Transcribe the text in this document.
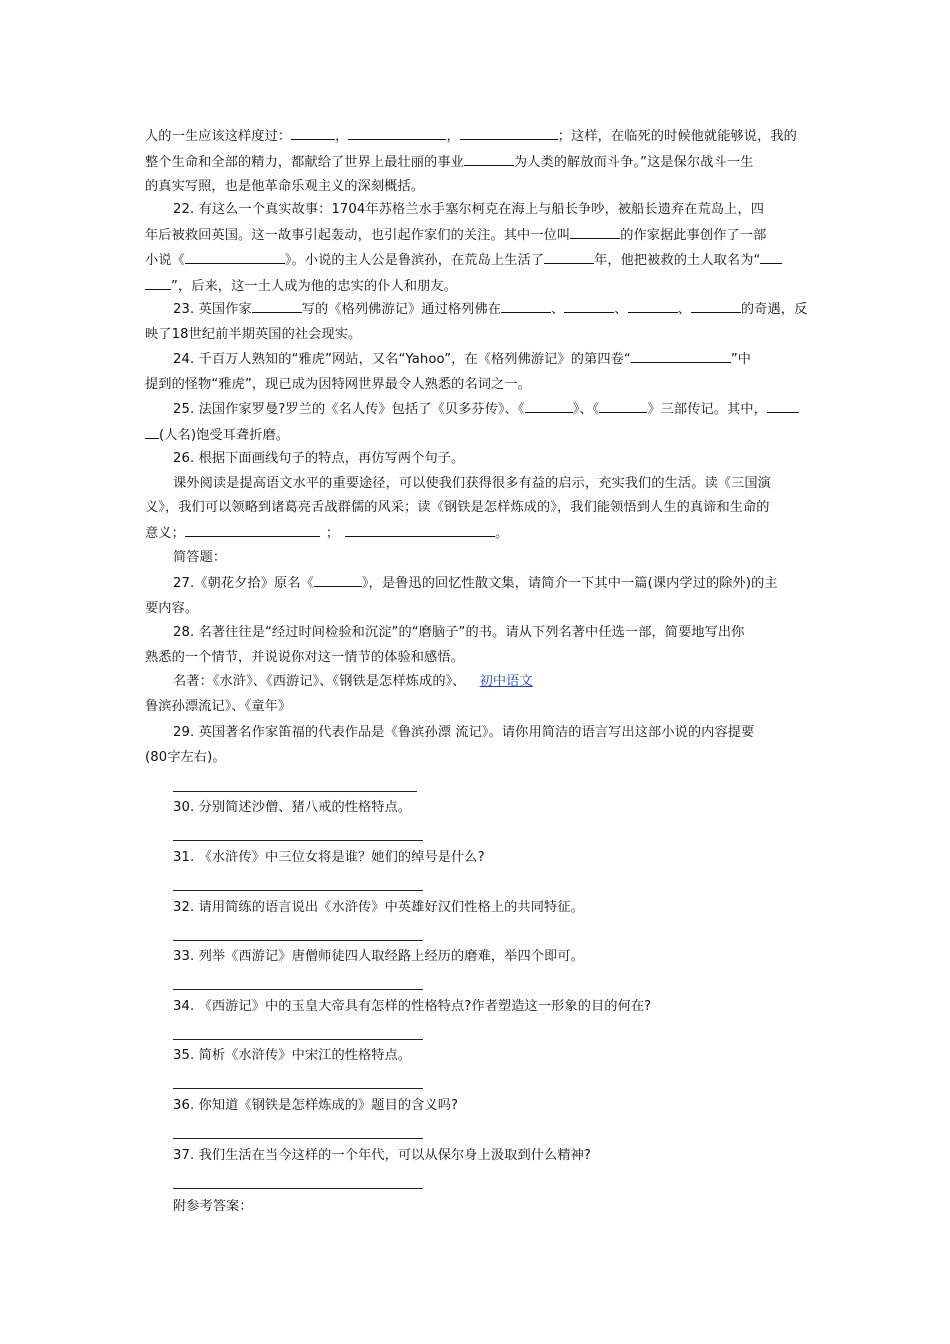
人的一生应该这样度过：	，	，	；这样，在临死的时候他就能够说，我的
整个生命和全部的精力，都献给了世界上最壮丽的事业	为人类的解放而斗争。”这是保尔战斗一生
的真实写照，也是他革命乐观主义的深刻概括。

22. 有这么一个真实故事：1704年苏格兰水手塞尔柯克在海上与船长争吵，被船长遗弃在荒岛上，四
年后被救回英国。这一故事引起轰动，也引起作家们的关注。其中一位叫	的作家据此事创作了一部
小说《	》。小说的主人公是鲁滨孙，在荒岛上生活了	年，他把被救的土人取名为“
”，后来，这一土人成为他的忠实的仆人和朋友。

23. 英国作家	写的《格列佛游记》通过格列佛在	、	、	、	的奇遇，反
映了18世纪前半期英国的社会现实。

24. 千百万人熟知的“雅虎”网站，又名“Yahoo”，在《格列佛游记》的第四卷“	”中
提到的怪物“雅虎”，现已成为因特网世界最令人熟悉的名词之一。

25. 法国作家罗曼?罗兰的《名人传》包括了《贝多芬传》、《	》、《	》三部传记。其中，
(人名)饱受耳聋折磨。

26. 根据下面画线句子的特点，再仿写两个句子。
课外阅读是提高语文水平的重要途径，可以使我们获得很多有益的启示，充实我们的生活。读《三国演
义》，我们可以领略到诸葛亮舌战群儒的风采；读《钢铁是怎样炼成的》，我们能领悟到人生的真谛和生命的
意义；	；	。

简答题：

27.《朝花夕拾》原名《	》，是鲁迅的回忆性散文集，请简介一下其中一篇(课内学过的除外)的主
要内容。

28. 名著往往是“经过时间检验和沉淀”的“磨脑子”的书。请从下列名著中任选一部，简要地写出你
熟悉的一个情节，并说说你对这一情节的体验和感悟。
名著：《水浒》、《西游记》、《钢铁是怎样炼成的》、 初中语文
鲁滨孙漂流记》、《童年》

29. 英国著名作家笛福的代表作品是《鲁滨孙漂 流记》。请你用简洁的语言写出这部小说的内容提要
(80字左右)。

30. 分别简述沙僧、猪八戒的性格特点。

31. 《水浒传》中三位女将是谁？她们的绰号是什么?

32. 请用简练的语言说出《水浒传》中英雄好汉们性格上的共同特征。

33. 列举《西游记》唐僧师徒四人取经路上经历的磨难，举四个即可。

34. 《西游记》中的玉皇大帝具有怎样的性格特点?作者塑造这一形象的目的何在?

35. 简析《水浒传》中宋江的性格特点。

36. 你知道《钢铁是怎样炼成的》题目的含义吗?

37. 我们生活在当今这样的一个年代，可以从保尔身上汲取到什么精神?

附参考答案：
